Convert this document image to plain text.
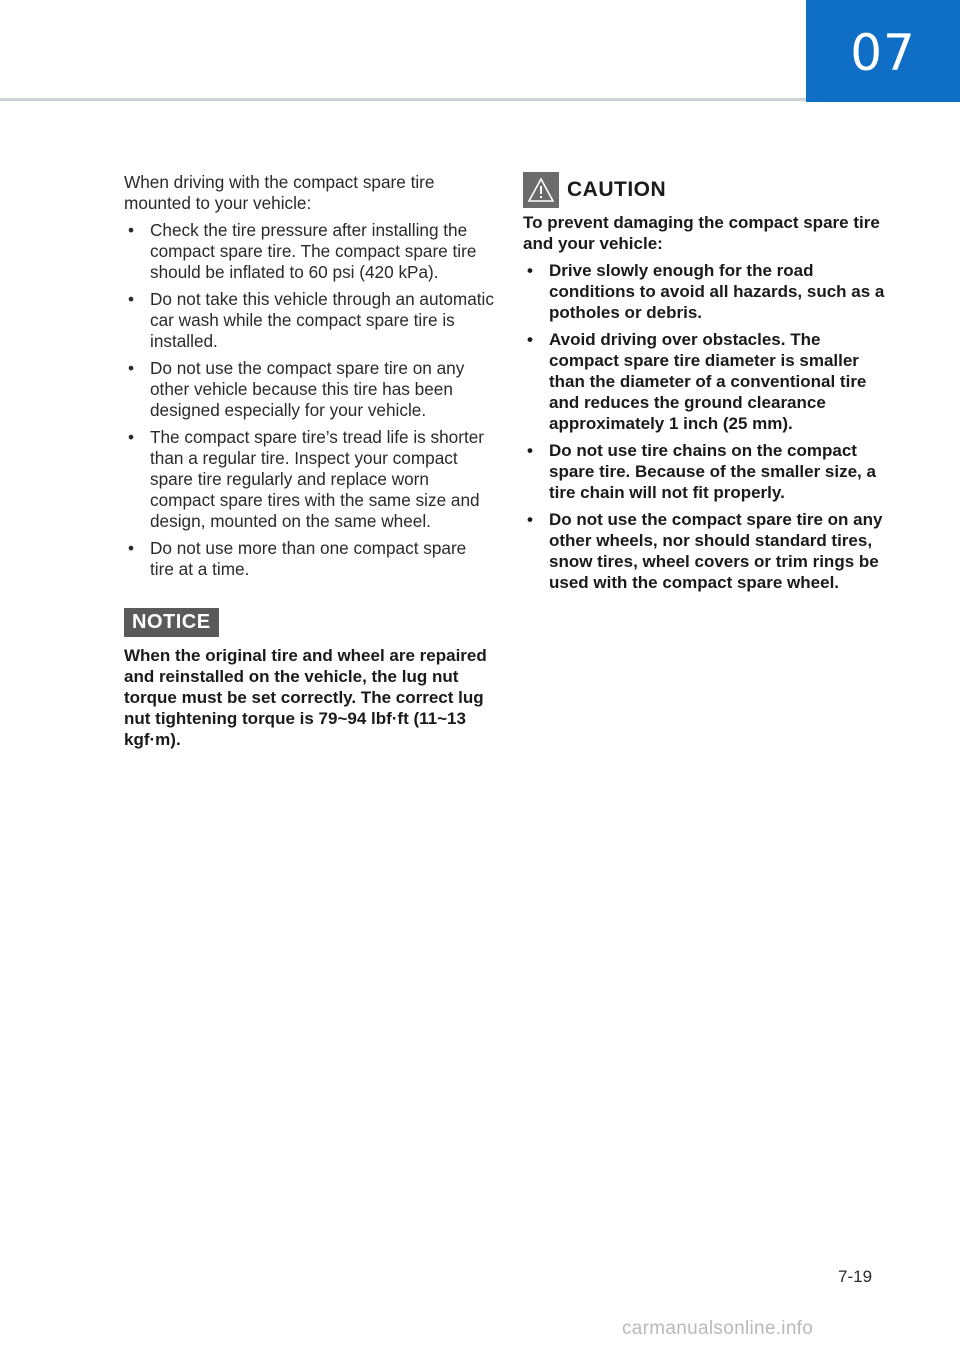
07

When driving with the compact spare tire mounted to your vehicle:

• Check the tire pressure after installing the compact spare tire. The compact spare tire should be inflated to 60 psi (420 kPa).
• Do not take this vehicle through an automatic car wash while the compact spare tire is installed.
• Do not use the compact spare tire on any other vehicle because this tire has been designed especially for your vehicle.
• The compact spare tire’s tread life is shorter than a regular tire. Inspect your compact spare tire regularly and replace worn compact spare tires with the same size and design, mounted on the same wheel.
• Do not use more than one compact spare tire at a time.
NOTICE

When the original tire and wheel are repaired and reinstalled on the vehicle, the lug nut torque must be set correctly. The correct lug nut tightening torque is 79~94 lbf·ft (11~13 kgf·m).

CAUTION

To prevent damaging the compact spare tire and your vehicle:

• Drive slowly enough for the road conditions to avoid all hazards, such as a potholes or debris.
• Avoid driving over obstacles. The compact spare tire diameter is smaller than the diameter of a conventional tire and reduces the ground clearance approximately 1 inch (25 mm).
• Do not use tire chains on the compact spare tire. Because of the smaller size, a tire chain will not fit properly.
• Do not use the compact spare tire on any other wheels, nor should standard tires, snow tires, wheel covers or trim rings be used with the compact spare wheel.
7-19
carmanualsonline.info
